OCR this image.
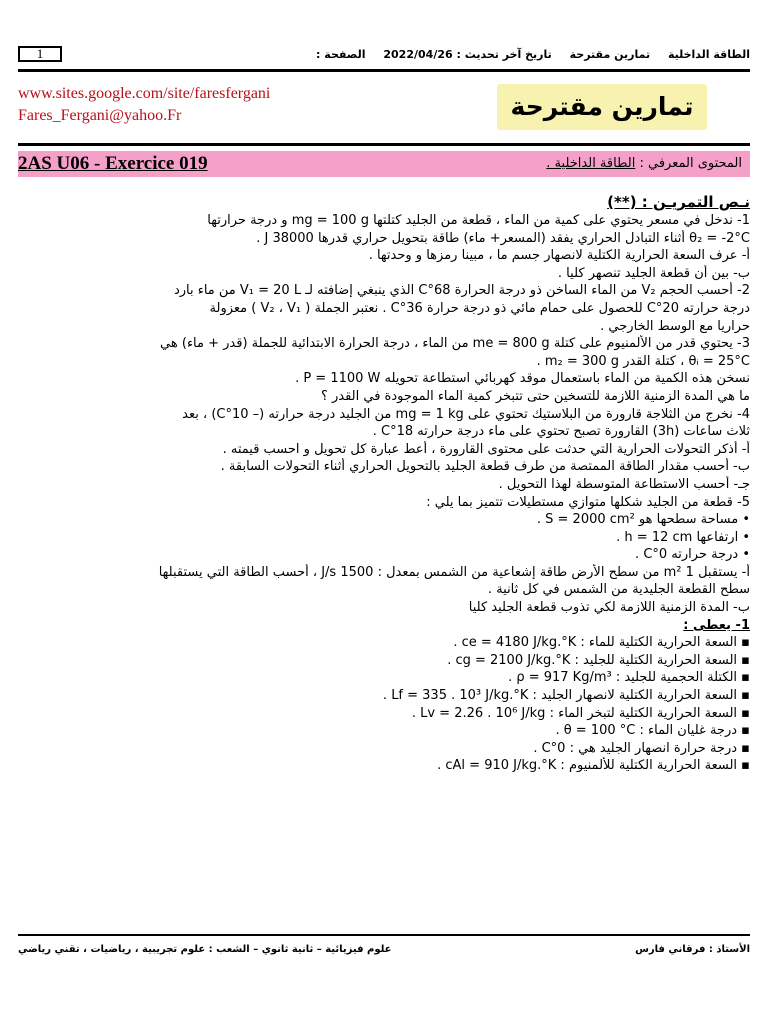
1	الطاقة الداخلية تمارين مقترحة تاريخ آخر تحديث : 2022/04/26 الصفحة :
www.sites.google.com/site/faresfergani
Fares_Fergani@yahoo.Fr	تمارين مقترحة
المحتوى المعرفي : الطاقة الداخلية .
2AS U06 - Exercice 019
نـص التمريـن : (**)
1- ندخل في مسعر يحتوي على كمية من الماء ، قطعة من الجليد كتلتها m‎g = 100 g و درجة حرارتها
θ₂ = -2°C أثناء التبادل الحراري يفقد (المسعر+ ماء) طاقة بتحويل حراري قدرها J 38000 .
أ- عرف السعة الحرارية الكتلية لانصهار جسم ما ، مبينا رمزها و وحدتها .
ب- بين أن قطعة الجليد تنصهر كليا .
2- أحسب الحجم V₂ من الماء الساخن ذو درجة الحرارة 68°C الذي ينبغي إضافته لـ V₁ = 20 L من ماء بارد
درجة حرارته 20°C للحصول على حمام مائي ذو درجة حرارة 36°C . نعتبر الجملة ( V₂ ، V₁ ) معزولة
حراريا مع الوسط الخارجي .
3- يحتوي قدر من الألمنيوم على كتلة m‎e = 800 g من الماء ، درجة الحرارة الابتدائية للجملة (قدر + ماء) هي
θᵢ = 25°C ، كتلة القدر m₂ = 300 g .
نسخن هذه الكمية من الماء باستعمال موقد كهربائي استطاعة تحويله P = 1100 W .
ما هي المدة الزمنية اللازمة للتسخين حتى تتبخر كمية الماء الموجودة في القدر ؟
4- نخرج من الثلاجة قارورة من البلاستيك تحتوي على m‎g = 1 kg من الجليد درجة حرارته (– 10°C) ، بعد
ثلاث ساعات (3h) القارورة تصبح تحتوي على ماء درجة حرارته 18°C .
أ- أذكر التحولات الحرارية التي حدثت على محتوى القارورة ، أعط عبارة كل تحويل و احسب قيمته .
ب- أحسب مقدار الطاقة الممتصة من طرف قطعة الجليد بالتحويل الحراري أثناء التحولات السابقة .
جـ- أحسب الاستطاعة المتوسطة لهذا التحويل .
5- قطعة من الجليد شكلها متوازي مستطيلات تتميز بما يلي :
• مساحة سطحها هو S = 2000 cm² .
• ارتفاعها h = 12 cm .
• درجة حرارته 0°C .
أ- يستقبل 1 m² من سطح الأرض طاقة إشعاعية من الشمس بمعدل : 1500 J/s ، أحسب الطاقة التي يستقبلها
سطح القطعة الجليدية من الشمس في كل ثانية .
ب- المدة الزمنية اللازمة لكي تذوب قطعة الجليد كليا
1- يعطى :
▪ السعة الحرارية الكتلية للماء : c‎e = 4180 J/kg.°K .
▪ السعة الحرارية الكتلية للجليد : c‎g = 2100 J/kg.°K .
▪ الكتلة الحجمية للجليد : ρ = 917 Kg/m³ .
▪ السعة الحرارية الكتلية لانصهار الجليد : L‎f = 335 . 10³ J/kg.°K .
▪ السعة الحرارية الكتلية لتبخر الماء : L‎v = 2.26 . 10⁶ J/kg .
▪ درجة غليان الماء : θ = 100 °C .
▪ درجة حرارة انصهار الجليد هي : 0°C .
▪ السعة الحرارية الكتلية للألمنيوم : c‎Al = 910 J/kg.°K .
الأستاذ : فرقاني فارس
علوم فيزيائية – ثانية ثانوي – الشعب : علوم تجريبية ، رياضيات ، تقني رياضي
